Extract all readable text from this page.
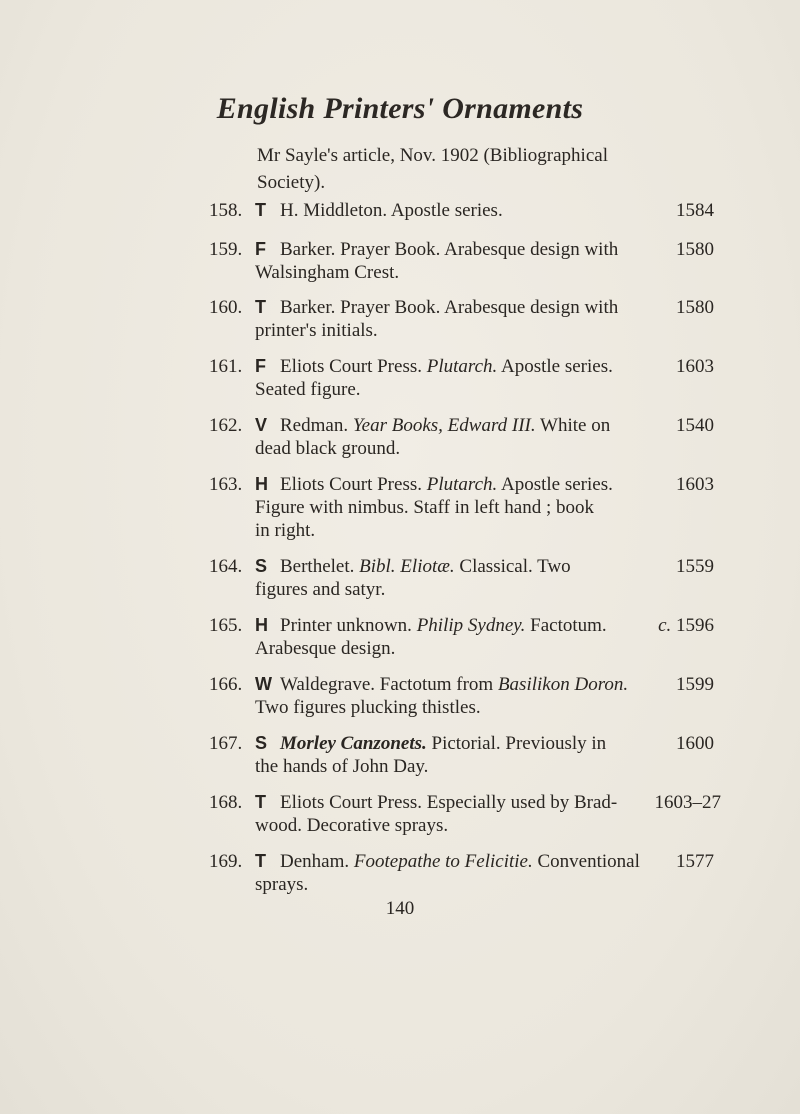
English Printers' Ornaments
Mr Sayle's article, Nov. 1902 (Bibliographical
Society).
158. T H. Middleton. Apostle series.	1584
159. F Barker. Prayer Book. Arabesque design with
Walsingham Crest.
1580
160. T Barker. Prayer Book. Arabesque design with
printer's initials.
1580
161. F Eliots Court Press. Plutarch. Apostle series.
Seated figure.
1603
162. V Redman. Year Books, Edward III. White on
dead black ground.
1540
163. H Eliots Court Press. Plutarch. Apostle series.
Figure with nimbus. Staff in left hand ; book
in right.
1603
164. S Berthelet. Bibl. Eliotæ. Classical. Two
figures and satyr.
1559
165. H Printer unknown. Philip Sydney. Factotum.
Arabesque design.
c. 1596
166. W Waldegrave. Factotum from Basilikon Doron.
Two figures plucking thistles.
1599
167. S Morley Canzonets. Pictorial. Previously in
the hands of John Day.
1600
168. T Eliots Court Press. Especially used by Brad-
wood. Decorative sprays.
1603–27
169. T Denham. Footepathe to Felicitie. Conventional
sprays.
1577
140
